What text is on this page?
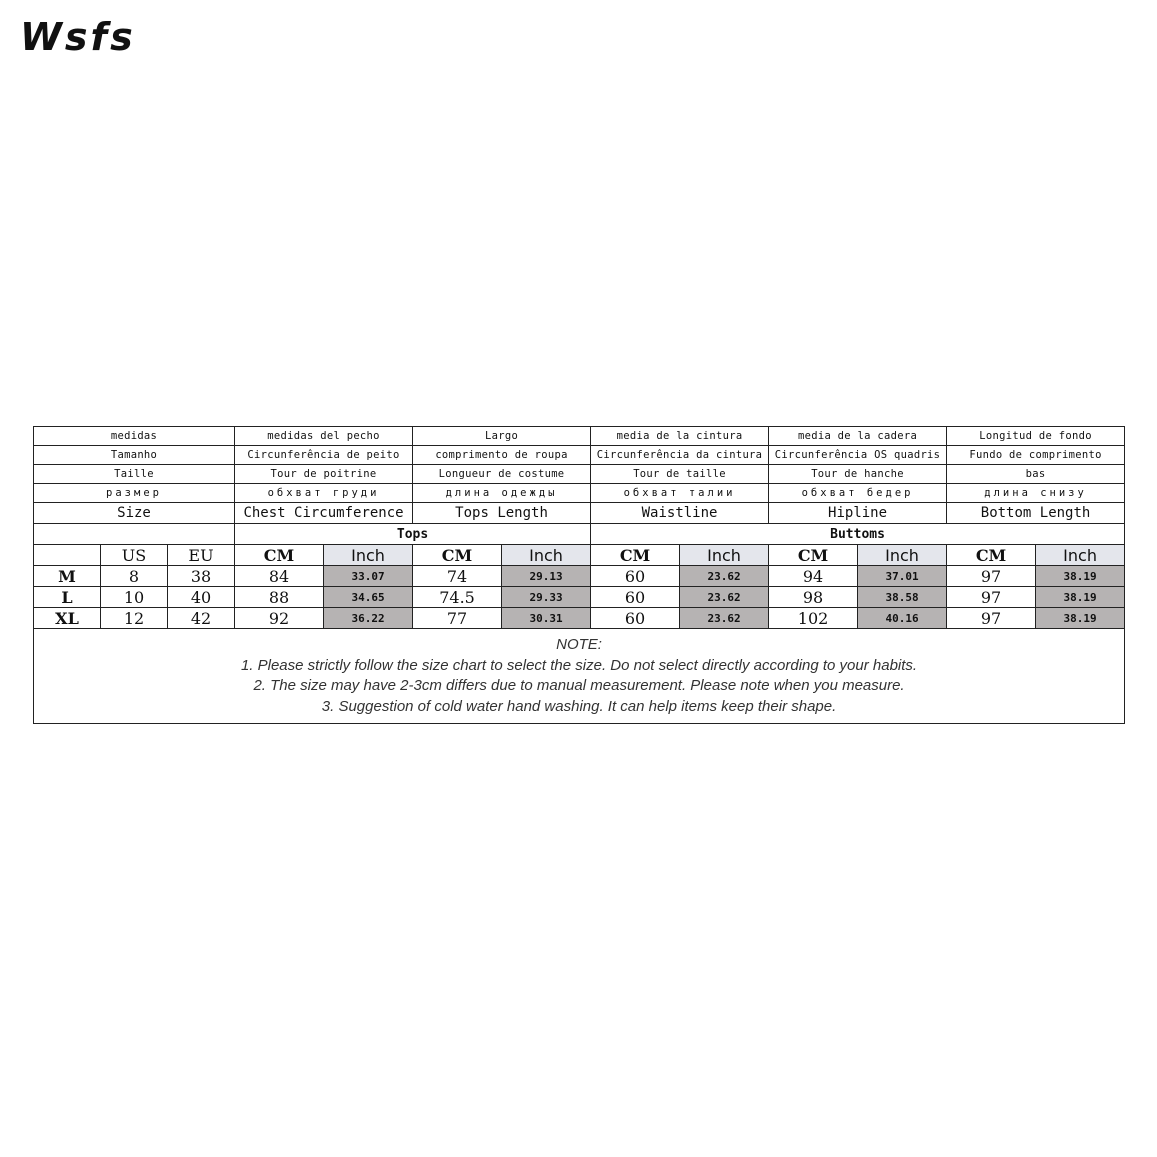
Wsfs
medidas			medidas del pecho		Largo		media de la cintura		media de la cadera		Longitud de fondo	
Tamanho			Circunferência de peito		comprimento de roupa		Circunferência da cintura		Circunferência OS quadris		Fundo de comprimento	
Taille			Tour de poitrine		Longueur de costume		Tour de taille		Tour de hanche		bas	
размер			обхват груди		длина одежды		обхват талии		обхват бедер		длина снизу	
Size			Chest Circumference		Tops Length		Waistline		Hipline		Bottom Length	
			Tops				Buttoms					
	US	EU	CM	Inch	CM	Inch	CM	Inch	CM	Inch	CM	Inch
M	8	38	84	33.07	74	29.13	60	23.62	94	37.01	97	38.19
L	10	40	88	34.65	74.5	29.33	60	23.62	98	38.58	97	38.19
XL	12	42	92	36.22	77	30.31	60	23.62	102	40.16	97	38.19

NOTE:
1. Please strictly follow the size chart to select the size. Do not select directly according to your habits.
2. The size may have 2-3cm differs due to manual measurement. Please note when you measure.
3. Suggestion of cold water hand washing. It can help items keep their shape.												
